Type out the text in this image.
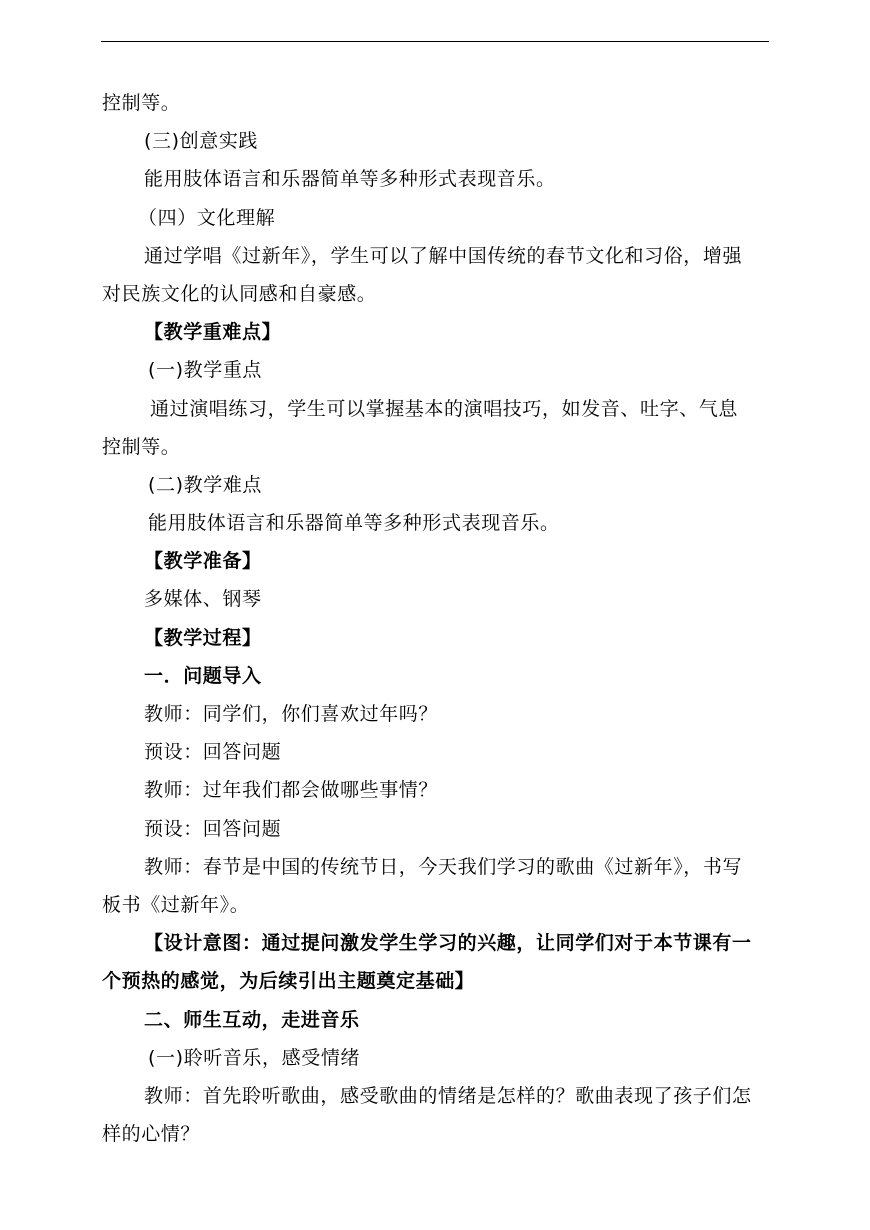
控制等。
(三)创意实践
能用肢体语言和乐器简单等多种形式表现音乐。
（四）文化理解
通过学唱《过新年》，学生可以了解中国传统的春节文化和习俗，增强
对民族文化的认同感和自豪感。
【教学重难点】
(一)教学重点
通过演唱练习，学生可以掌握基本的演唱技巧，如发音、吐字、气息
控制等。
(二)教学难点
能用肢体语言和乐器简单等多种形式表现音乐。
【教学准备】
多媒体、钢琴
【教学过程】
一．问题导入
教师：同学们，你们喜欢过年吗？
预设：回答问题
教师：过年我们都会做哪些事情？
预设：回答问题
教师：春节是中国的传统节日，今天我们学习的歌曲《过新年》，书写
板书《过新年》。
【设计意图：通过提问激发学生学习的兴趣，让同学们对于本节课有一
个预热的感觉，为后续引出主题奠定基础】
二、师生互动，走进音乐
(一)聆听音乐，感受情绪
教师：首先聆听歌曲，感受歌曲的情绪是怎样的？歌曲表现了孩子们怎
样的心情？
